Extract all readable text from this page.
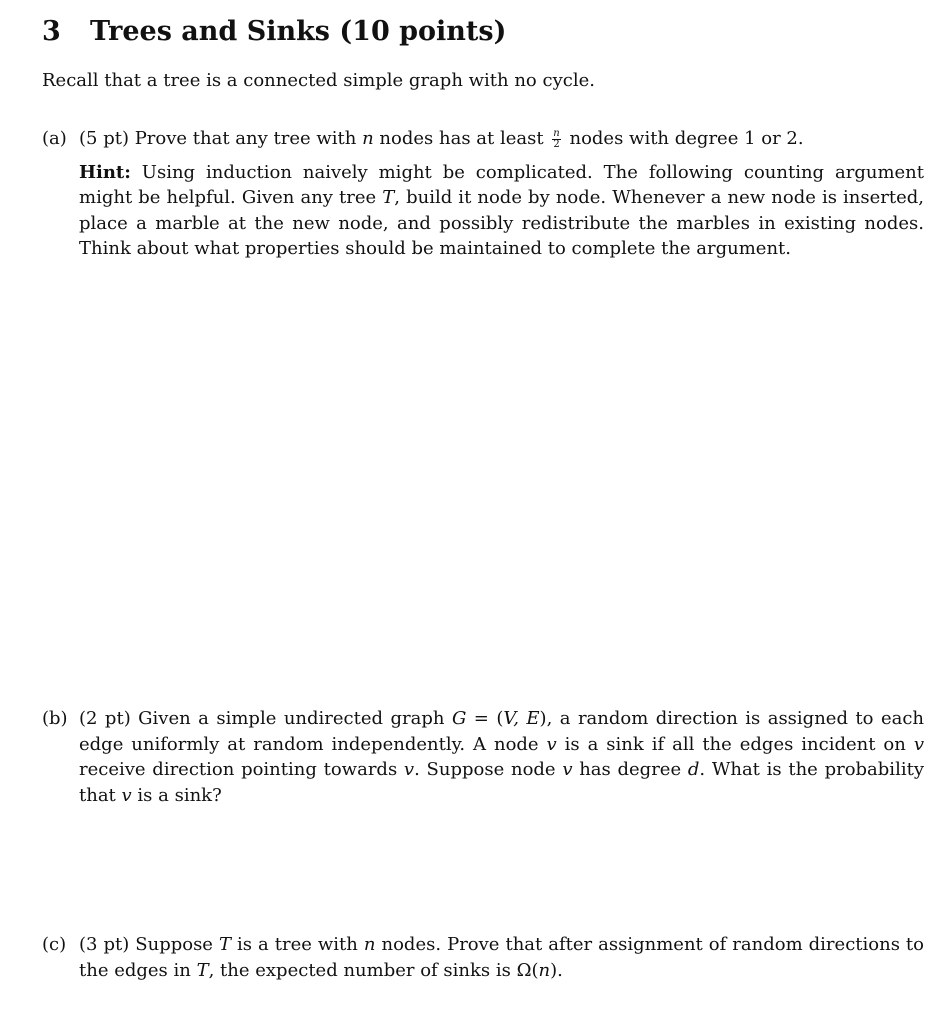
3 Trees and Sinks (10 points)
Recall that a tree is a connected simple graph with no cycle.
(a) (5 pt) Prove that any tree with n nodes has at least $\frac{n}{2}$ nodes with degree 1 or 2.
Hint: Using induction naively might be complicated. The following counting argument might be helpful. Given any tree T, build it node by node. Whenever a new node is inserted, place a marble at the new node, and possibly redistribute the marbles in existing nodes. Think about what properties should be maintained to complete the argument.
(b) (2 pt) Given a simple undirected graph G = (V, E), a random direction is assigned to each edge uniformly at random independently. A node v is a sink if all the edges incident on v receive direction pointing towards v. Suppose node v has degree d. What is the probability that v is a sink?
(c) (3 pt) Suppose T is a tree with n nodes. Prove that after assignment of random directions to the edges in T, the expected number of sinks is Ω(n).
